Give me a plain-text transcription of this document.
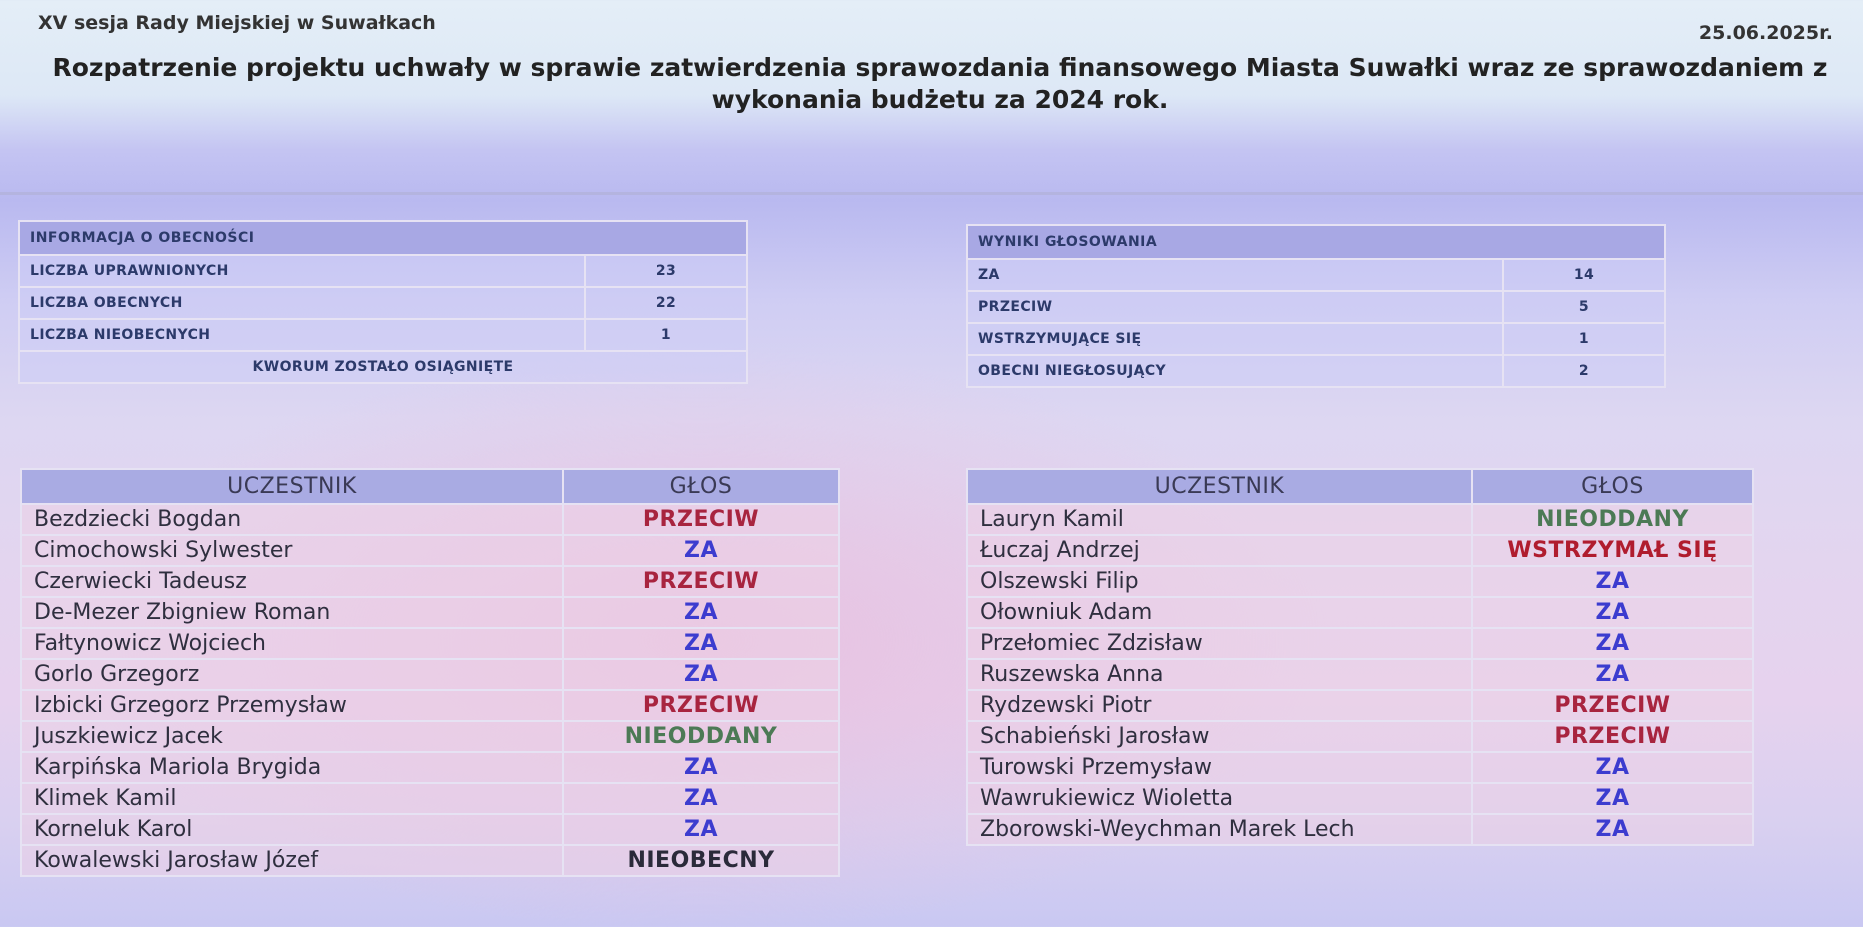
XV sesja Rady Miejskiej w Suwałkach	25.06.2025r.
Rozpatrzenie projektu uchwały w sprawie zatwierdzenia sprawozdania finansowego Miasta Suwałki wraz ze sprawozdaniem z
wykonania budżetu za 2024 rok.
INFORMACJA O OBECNOŚCI	
LICZBA UPRAWNIONYCH	23
LICZBA OBECNYCH	22
LICZBA NIEOBECNYCH	1
KWORUM ZOSTAŁO OSIĄGNIĘTE	
WYNIKI GŁOSOWANIA	
ZA	14
PRZECIW	5
WSTRZYMUJĄCE SIĘ	1
OBECNI NIEGŁOSUJĄCY	2
UCZESTNIK	GŁOS
Bezdziecki Bogdan	PRZECIW
Cimochowski Sylwester	ZA
Czerwiecki Tadeusz	PRZECIW
De-Mezer Zbigniew Roman	ZA
Fałtynowicz Wojciech	ZA
Gorlo Grzegorz	ZA
Izbicki Grzegorz Przemysław	PRZECIW
Juszkiewicz Jacek	NIEODDANY
Karpińska Mariola Brygida	ZA
Klimek Kamil	ZA
Korneluk Karol	ZA
Kowalewski Jarosław Józef	NIEOBECNY
UCZESTNIK	GŁOS
Lauryn Kamil	NIEODDANY
Łuczaj Andrzej	WSTRZYMAŁ SIĘ
Olszewski Filip	ZA
Ołowniuk Adam	ZA
Przełomiec Zdzisław	ZA
Ruszewska Anna	ZA
Rydzewski Piotr	PRZECIW
Schabieński Jarosław	PRZECIW
Turowski Przemysław	ZA
Wawrukiewicz Wioletta	ZA
Zborowski-Weychman Marek Lech	ZA
